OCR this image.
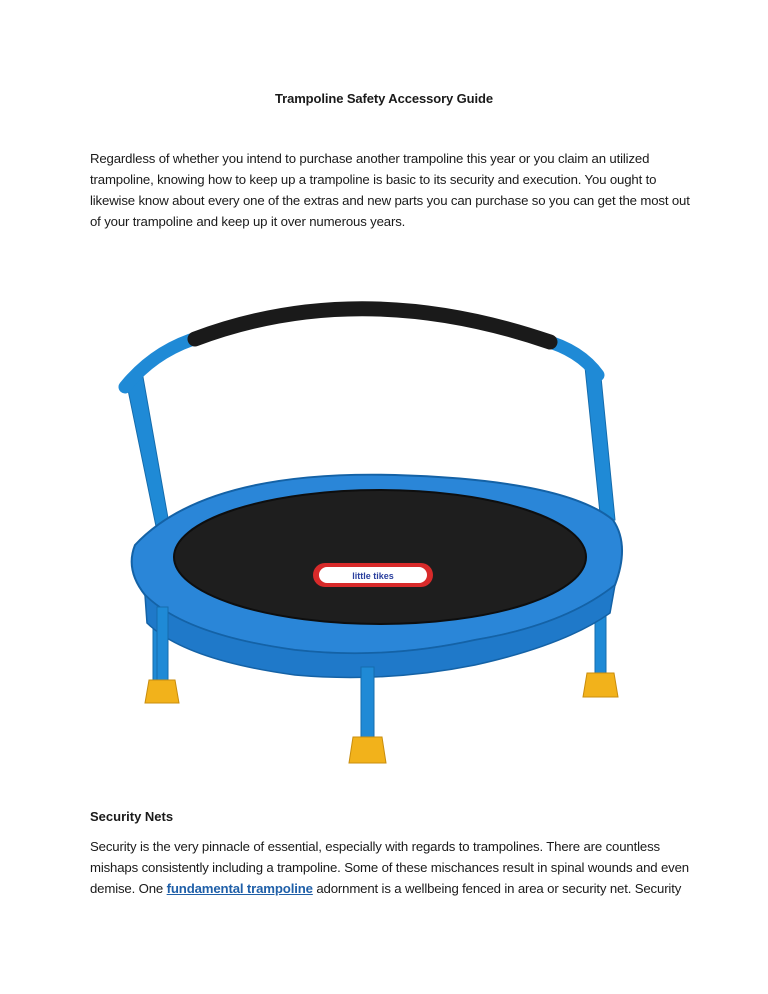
Trampoline Safety Accessory Guide
Regardless of whether you intend to purchase another trampoline this year or you claim an utilized trampoline, knowing how to keep up a trampoline is basic to its security and execution. You ought to likewise know about every one of the extras and new parts you can purchase so you can get the most out of your trampoline and keep up it over numerous years.
little tikes
Security Nets
Security is the very pinnacle of essential, especially with regards to trampolines. There are countless mishaps consistently including a trampoline. Some of these mischances result in spinal wounds and even demise. One fundamental trampoline adornment is a wellbeing fenced in area or security net. Security
